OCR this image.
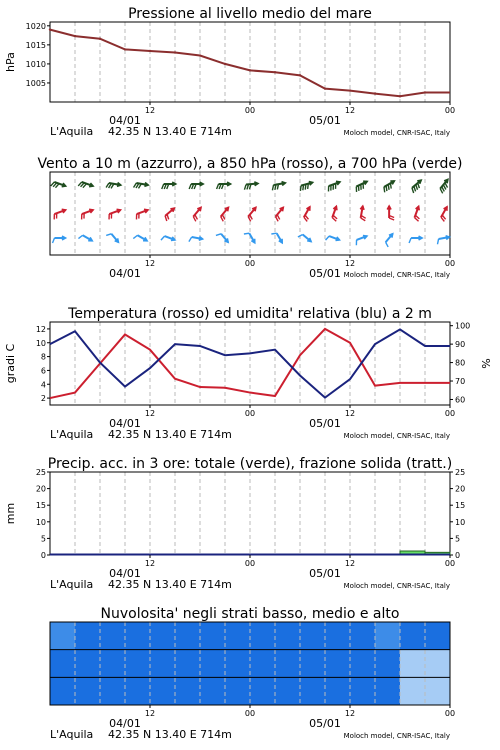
Pressione al livello medio del mare
1005
1010
1015
1020
hPa
12	00	12	00
04/01	05/01
L'Aquila 42.35 N 13.40 E 714m	Moloch model, CNR-ISAC, Italy
Vento a 10 m (azzurro), a 850 hPa (rosso), a 700 hPa (verde)
12	00	12	00
04/01	05/01 Moloch model, CNR-ISAC, Italy
Temperatura (rosso) ed umidita' relativa (blu) a 2 m
2
4
6
8
10
12
gradi C
60
70
80
90
100
%
12	00	12	00
04/01	05/01
L'Aquila 42.35 N 13.40 E 714m	Moloch model, CNR-ISAC, Italy
Precip. acc. in 3 ore: totale (verde), frazione solida (tratt.)
0	0
5	5
10	10
15	15
20	20
25	25
mm
12	00	12	00
04/01	05/01
L'Aquila 42.35 N 13.40 E 714m	Moloch model, CNR-ISAC, Italy
Nuvolosita' negli strati basso, medio e alto
12	00	12	00
04/01	05/01
L'Aquila 42.35 N 13.40 E 714m	Moloch model, CNR-ISAC, Italy
